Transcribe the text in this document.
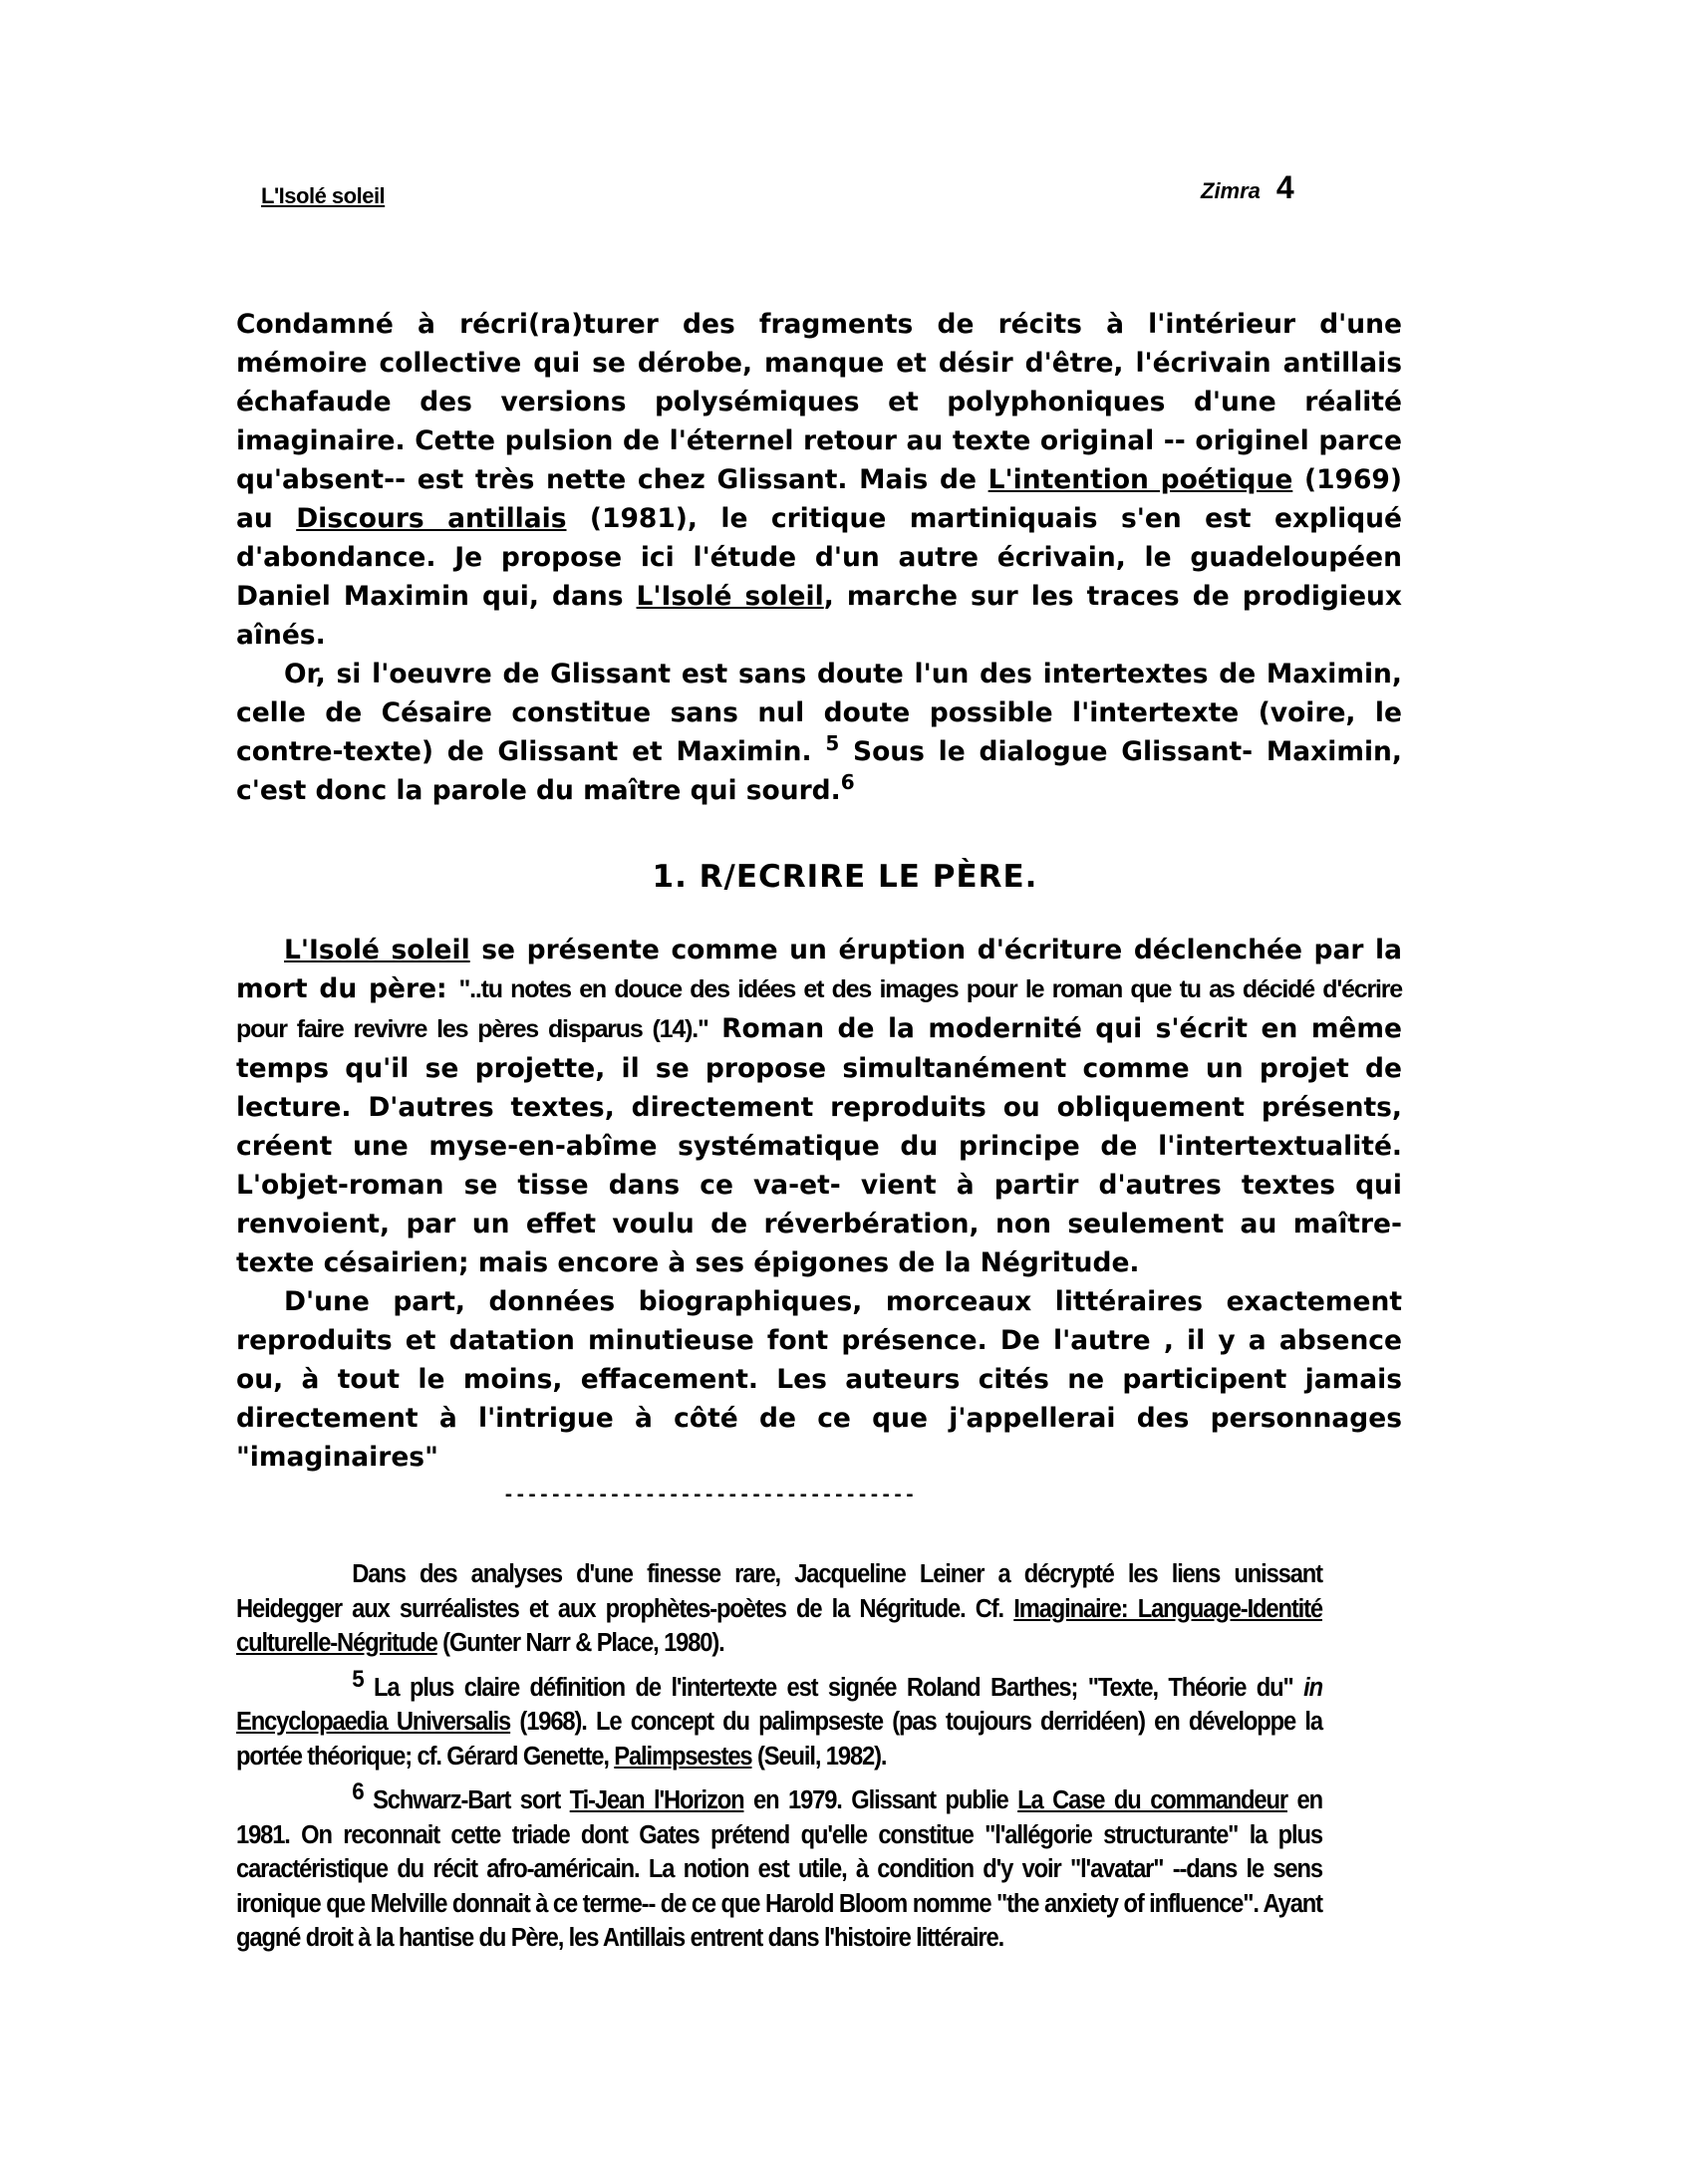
L'Isolé soleil	Zimra 4

Condamné à récri(ra)turer des fragments de récits à l'intérieur d'une mémoire collective qui se dérobe, manque et désir d'être, l'écrivain antillais échafaude des versions polysémiques et polyphoniques d'une réalité imaginaire. Cette pulsion de l'éternel retour au texte original -- originel parce qu'absent-- est très nette chez Glissant. Mais de L'intention poétique (1969) au Discours antillais (1981), le critique martiniquais s'en est expliqué d'abondance. Je propose ici l'étude d'un autre écrivain, le guadeloupéen Daniel Maximin qui, dans L'Isolé soleil, marche sur les traces de prodigieux aînés.

Or, si l'oeuvre de Glissant est sans doute l'un des intertextes de Maximin, celle de Césaire constitue sans nul doute possible l'intertexte (voire, le contre-texte) de Glissant et Maximin. $^5$ Sous le dialogue Glissant- Maximin, c'est donc la parole du maître qui sourd.$^6$

1. R/ECRIRE LE PÈRE.

L'Isolé soleil se présente comme un éruption d'écriture déclenchée par la mort du père: "..tu notes en douce des idées et des images pour le roman que tu as décidé d'écrire pour faire revivre les pères disparus (14)." Roman de la modernité qui s'écrit en même temps qu'il se projette, il se propose simultanément comme un projet de lecture. D'autres textes, directement reproduits ou obliquement présents, créent une myse-en-abîme systématique du principe de l'intertextualité. L'objet-roman se tisse dans ce va-et- vient à partir d'autres textes qui renvoient, par un effet voulu de réverbération, non seulement au maître-texte césairien; mais encore à ses épigones de la Négritude.

D'une part, données biographiques, morceaux littéraires exactement reproduits et datation minutieuse font présence. De l'autre , il y a absence ou, à tout le moins, effacement. Les auteurs cités ne participent jamais directement à l'intrigue à côté de ce que j'appellerai des personnages "imaginaires"

-----------------------------------

Dans des analyses d'une finesse rare, Jacqueline Leiner a décrypté les liens unissant Heidegger aux surréalistes et aux prophètes-poètes de la Négritude. Cf. Imaginaire: Language-Identité culturelle-Négritude (Gunter Narr & Place, 1980).

5 La plus claire définition de l'intertexte est signée Roland Barthes; "Texte, Théorie du" in Encyclopaedia Universalis (1968). Le concept du palimpseste (pas toujours derridéen) en développe la portée théorique; cf. Gérard Genette, Palimpsestes (Seuil, 1982).

6 Schwarz-Bart sort Ti-Jean l'Horizon en 1979. Glissant publie La Case du commandeur en 1981. On reconnait cette triade dont Gates prétend qu'elle constitue "l'allégorie structurante" la plus caractéristique du récit afro-américain. La notion est utile, à condition d'y voir "l'avatar" --dans le sens ironique que Melville donnait à ce terme-- de ce que Harold Bloom nomme "the anxiety of influence". Ayant gagné droit à la hantise du Père, les Antillais entrent dans l'histoire littéraire.
